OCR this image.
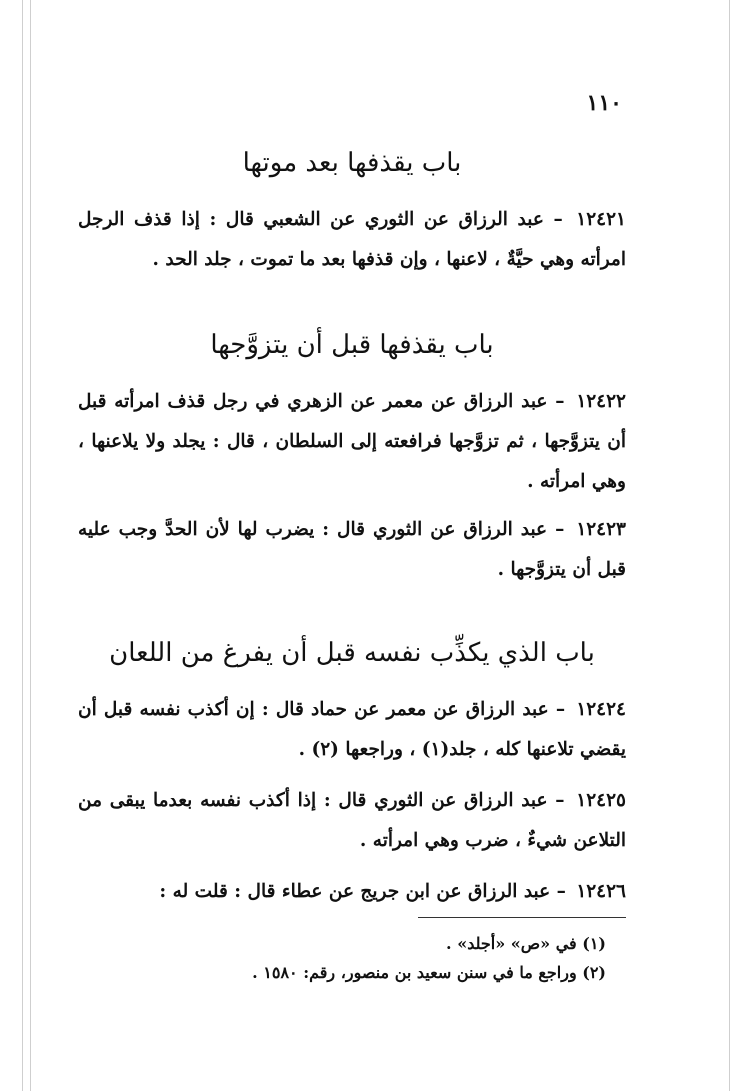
١١٠
باب يقذفها بعد موتها
١٢٤٢١ – عبد الرزاق عن الثوري عن الشعبي قال : إذا قذف الرجل امرأته وهي حيَّةٌ ، لاعنها ، وإن قذفها بعد ما تموت ، جلد الحد .
باب يقذفها قبل أن يتزوَّجها
١٢٤٢٢ – عبد الرزاق عن معمر عن الزهري في رجل قذف امرأته قبل أن يتزوَّجها ، ثم تزوَّجها فرافعته إلى السلطان ، قال : يجلد ولا يلاعنها ، وهي امرأته .
١٢٤٢٣ – عبد الرزاق عن الثوري قال : يضرب لها لأن الحدَّ وجب عليه قبل أن يتزوَّجها .
باب الذي يكذِّب نفسه قبل أن يفرغ من اللعان
١٢٤٢٤ – عبد الرزاق عن معمر عن حماد قال : إن أكذب نفسه قبل أن يقضي تلاعنها كله ، جلد(١) ، وراجعها (٢) .
١٢٤٢٥ – عبد الرزاق عن الثوري قال : إذا أكذب نفسه بعدما يبقى من التلاعن شيءٌ ، ضرب وهي امرأته .
١٢٤٢٦ – عبد الرزاق عن ابن جريج عن عطاء قال : قلت له :
(١) في «ص» «أجلد» .
(٢) وراجع ما في سنن سعيد بن منصور، رقم: ١٥٨٠ .
